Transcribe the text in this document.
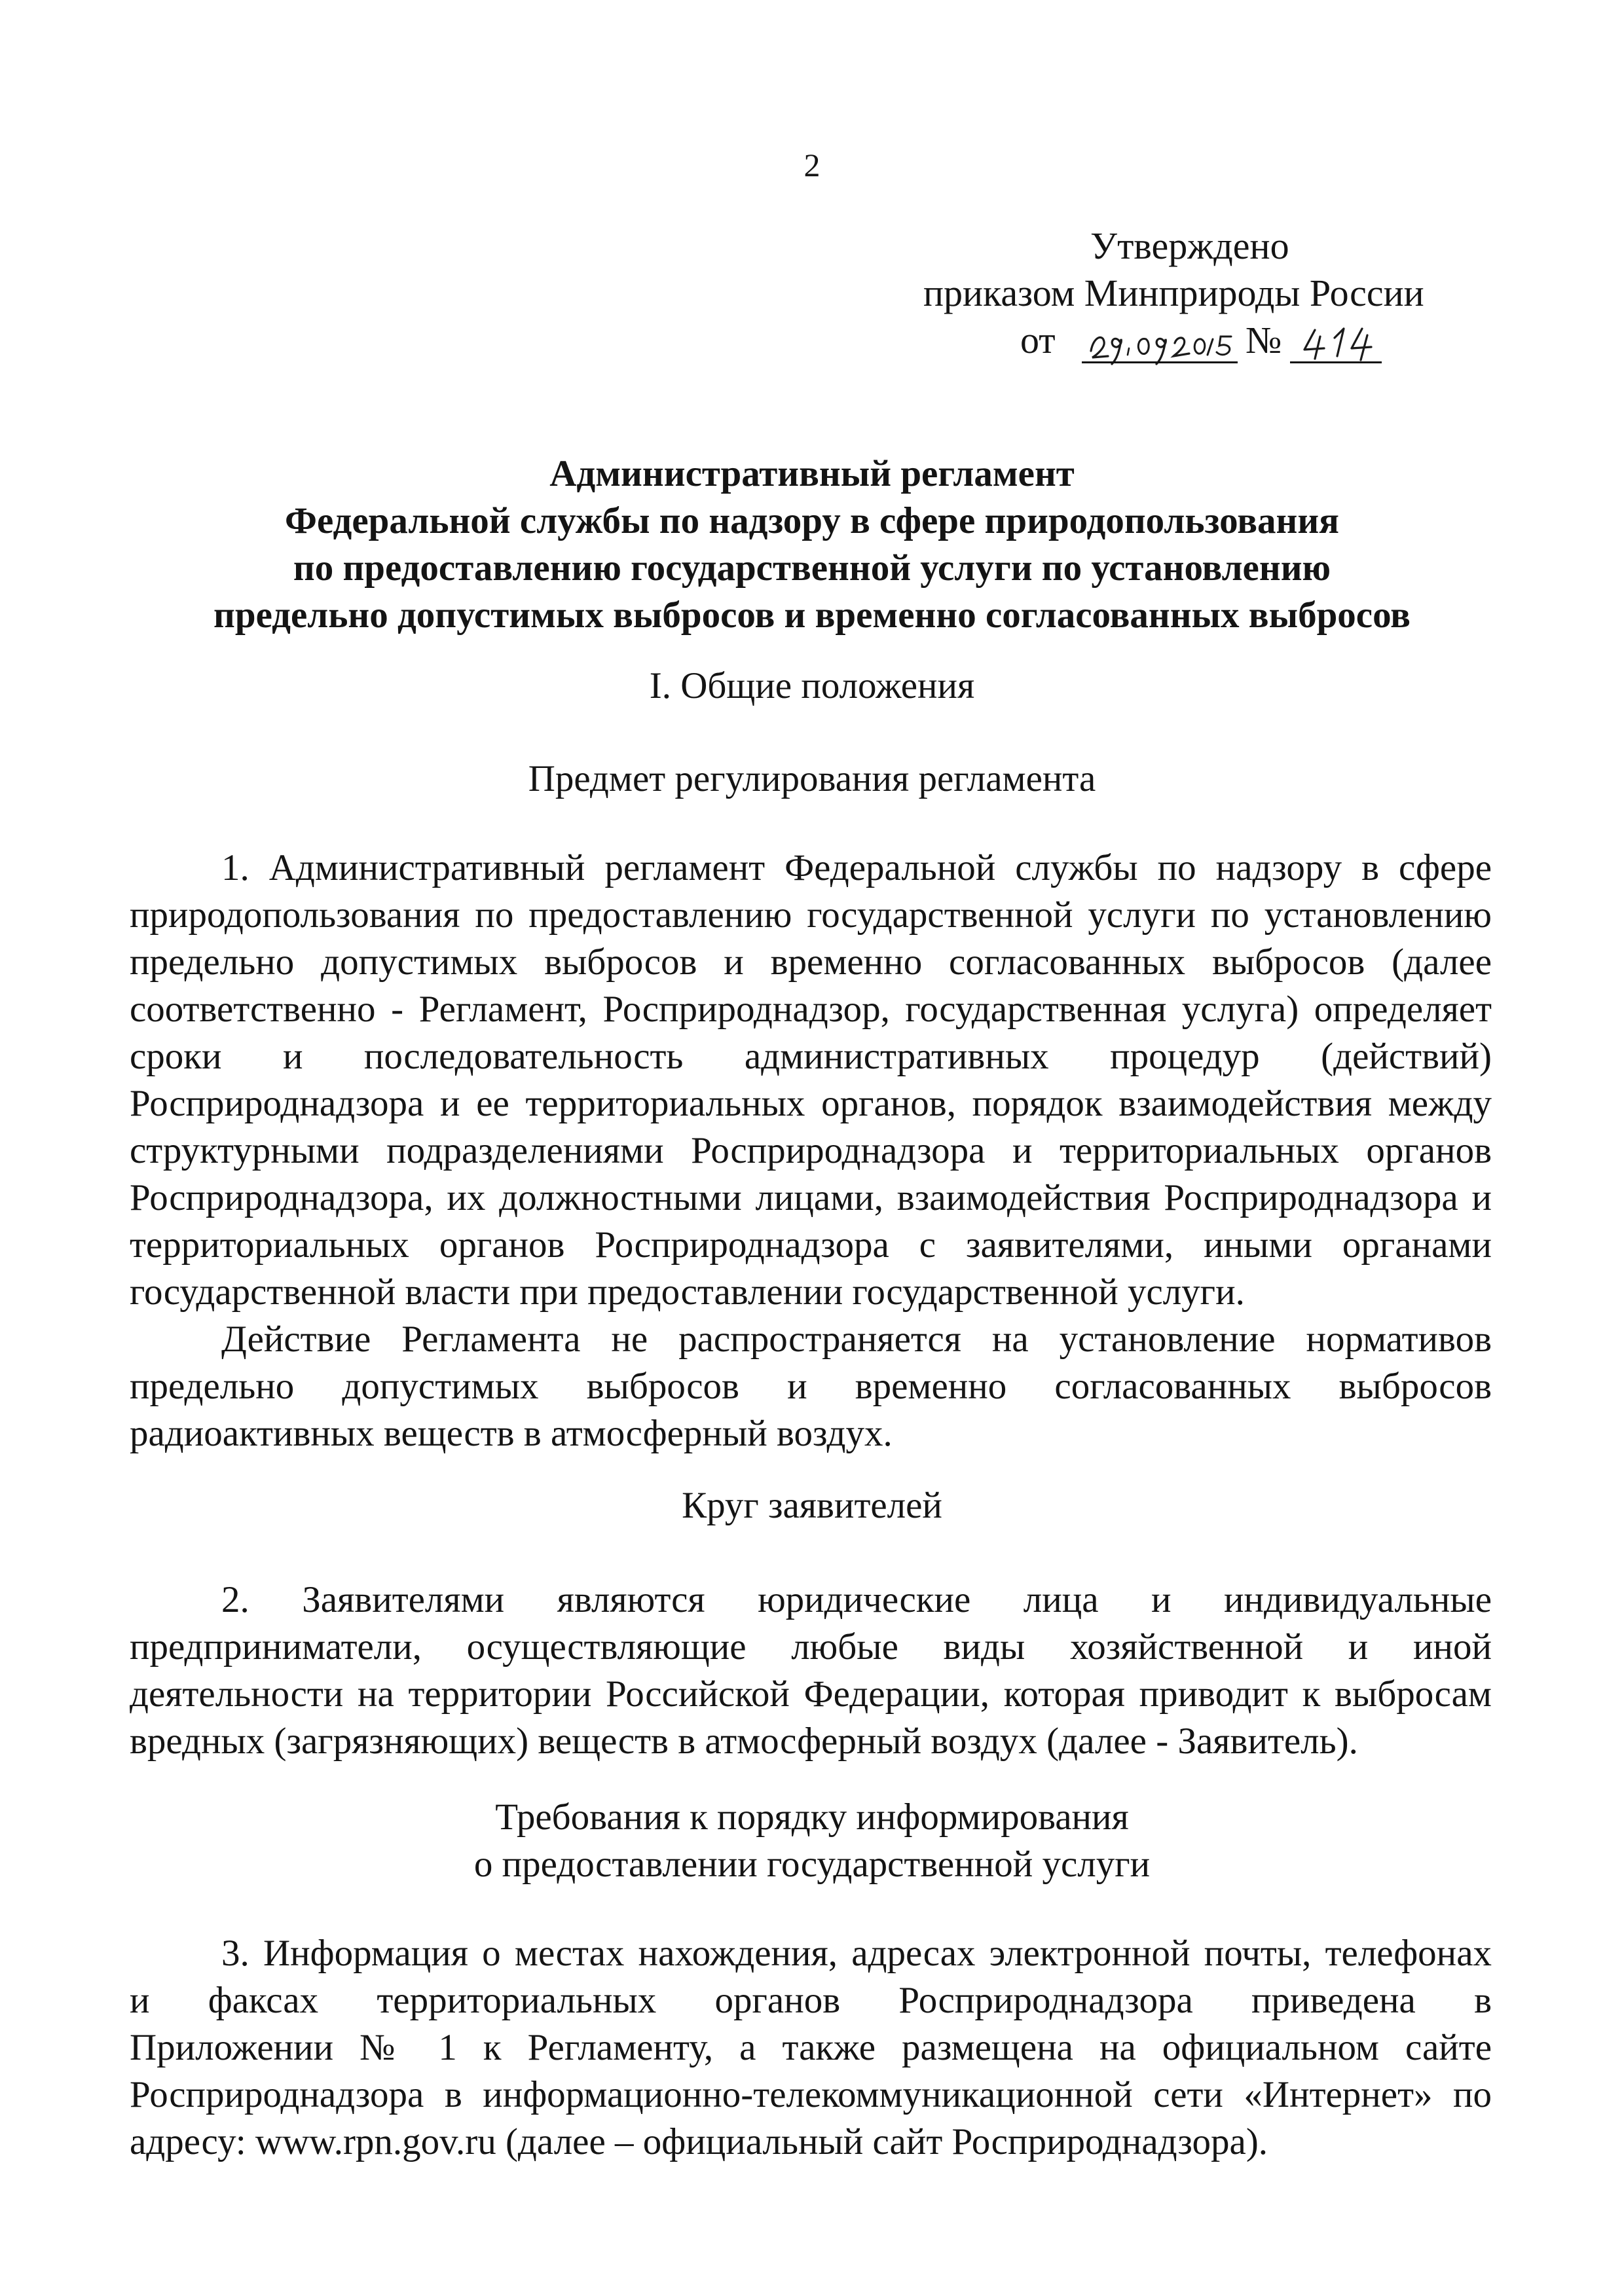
2
Утверждено
приказом Минприроды России
от	№
Административный регламент
Федеральной службы по надзору в сфере природопользования
по предоставлению государственной услуги по установлению
предельно допустимых выбросов и временно согласованных выбросов
I. Общие положения
Предмет регулирования регламента
1. Административный регламент Федеральной службы по надзору в сфере
природопользования по предоставлению государственной услуги по установлению
предельно допустимых выбросов и временно согласованных выбросов (далее
соответственно - Регламент, Росприроднадзор, государственная услуга) определяет
сроки и последовательность административных процедур (действий)
Росприроднадзора и ее территориальных органов, порядок взаимодействия между
структурными подразделениями Росприроднадзора и территориальных органов
Росприроднадзора, их должностными лицами, взаимодействия Росприроднадзора и
территориальных органов Росприроднадзора с заявителями, иными органами
государственной власти при предоставлении государственной услуги.
Действие Регламента не распространяется на установление нормативов
предельно допустимых выбросов и временно согласованных выбросов
радиоактивных веществ в атмосферный воздух.
Круг заявителей
2. Заявителями являются юридические лица и индивидуальные
предприниматели, осуществляющие любые виды хозяйственной и иной
деятельности на территории Российской Федерации, которая приводит к выбросам
вредных (загрязняющих) веществ в атмосферный воздух (далее - Заявитель).
Требования к порядку информирования
о предоставлении государственной услуги
3. Информация о местах нахождения, адресах электронной почты, телефонах
и факсах территориальных органов Росприроднадзора приведена в
Приложении № 1 к Регламенту, а также размещена на официальном сайте
Росприроднадзора в информационно-телекоммуникационной сети «Интернет» по
адресу: www.rpn.gov.ru (далее – официальный сайт Росприроднадзора).
